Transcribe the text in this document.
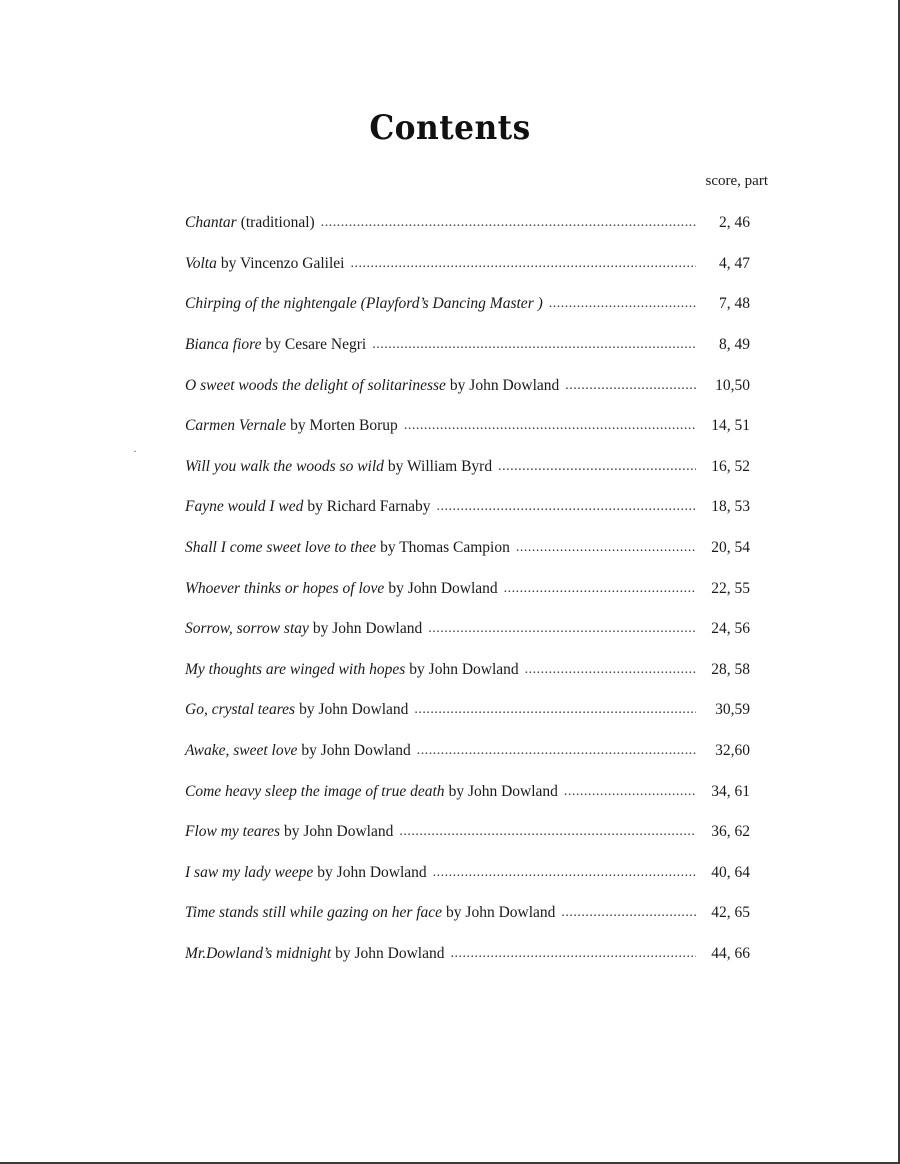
Contents
score, part
·
Chantar (traditional) . . .	2, 46
Volta by Vincenzo Galilei . . .	4, 47
Chirping of the nightengale (Playford’s Dancing Master ) . . .	7, 48
Bianca fiore by Cesare Negri . . .	8, 49
O sweet woods the delight of solitarinesse by John Dowland . . .	10,50
Carmen Vernale by Morten Borup . . .	14, 51
Will you walk the woods so wild by William Byrd . . .	16, 52
Fayne would I wed by Richard Farnaby . . .	18, 53
Shall I come sweet love to thee by Thomas Campion . . .	20, 54
Whoever thinks or hopes of love by John Dowland . . .	22, 55
Sorrow, sorrow stay by John Dowland . . .	24, 56
My thoughts are winged with hopes by John Dowland . . .	28, 58
Go, crystal teares by John Dowland . . .	30,59
Awake, sweet love by John Dowland . . .	32,60
Come heavy sleep the image of true death by John Dowland . . .	34, 61
Flow my teares by John Dowland . . .	36, 62
I saw my lady weepe by John Dowland . . .	40, 64
Time stands still while gazing on her face by John Dowland . . .	42, 65
Mr.Dowland’s midnight by John Dowland . . .	44, 66
